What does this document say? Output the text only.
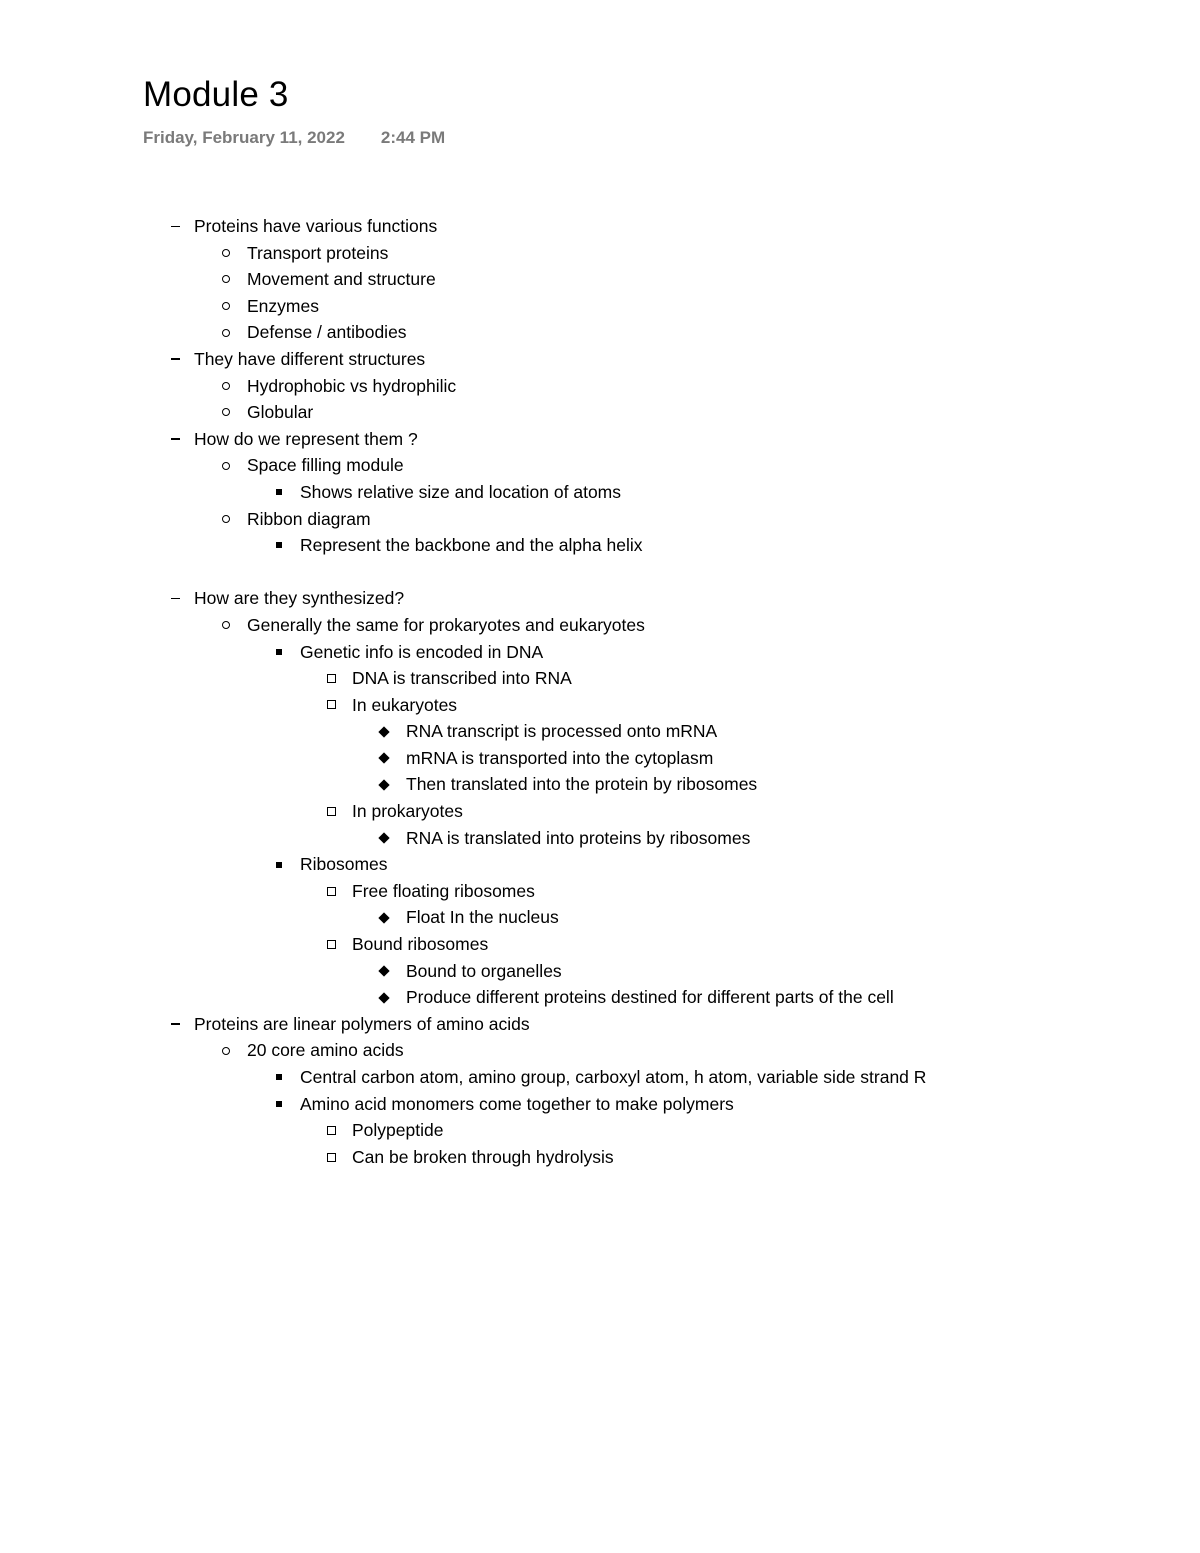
Module 3
Friday, February 11, 2022 2:44 PM
Proteins have various functions
Transport proteins
Movement and structure
Enzymes
Defense / antibodies
They have different structures
Hydrophobic vs hydrophilic
Globular
How do we represent them ?
Space filling module
Shows relative size and location of atoms
Ribbon diagram
Represent the backbone and the alpha helix
How are they synthesized?
Generally the same for prokaryotes and eukaryotes
Genetic info is encoded in DNA
DNA is transcribed into RNA
In eukaryotes
RNA transcript is processed onto mRNA
mRNA is transported into the cytoplasm
Then translated into the protein by ribosomes
In prokaryotes
RNA is translated into proteins by ribosomes
Ribosomes
Free floating ribosomes
Float In the nucleus
Bound ribosomes
Bound to organelles
Produce different proteins destined for different parts of the cell
Proteins are linear polymers of amino acids
20 core amino acids
Central carbon atom, amino group, carboxyl atom, h atom, variable side strand R
Amino acid monomers come together to make polymers
Polypeptide
Can be broken through hydrolysis
